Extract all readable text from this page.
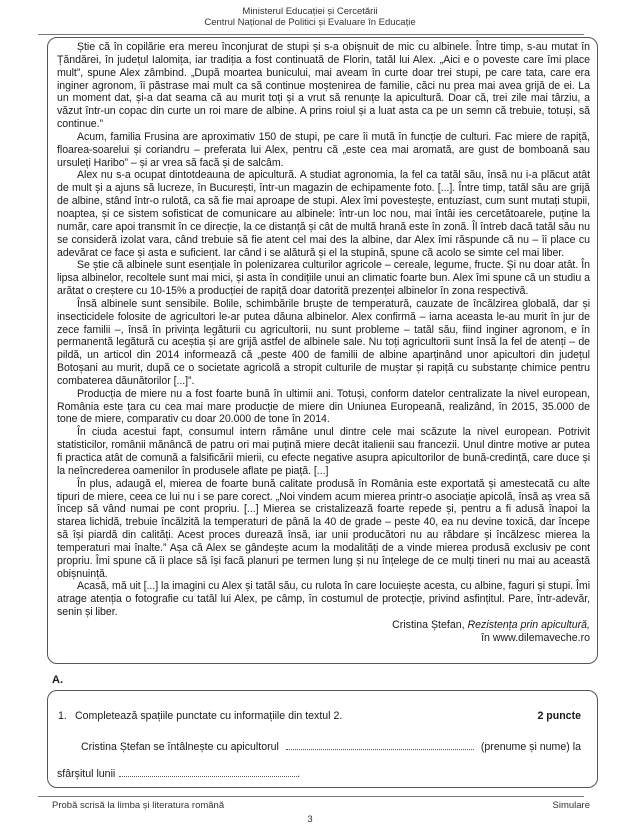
Ministerul Educației și Cercetării
Centrul Național de Politici și Evaluare în Educație

Știe că în copilărie era mereu înconjurat de stupi și s-a obișnuit de mic cu albinele. Între timp, s-au mutat în Țăndărei, în județul Ialomița, iar tradiția a fost continuată de Florin, tatăl lui Alex. „Aici e o poveste care îmi place mult”, spune Alex zâmbind. „După moartea bunicului, mai aveam în curte doar trei stupi, pe care tata, care era inginer agronom, îi păstrase mai mult ca să continue moștenirea de familie, căci nu prea mai avea grijă de ei. La un moment dat, și-a dat seama că au murit toți și a vrut să renunțe la apicultură. Doar că, trei zile mai târziu, a văzut într-un copac din curte un roi mare de albine. A prins roiul și a luat asta ca pe un semn că trebuie, totuși, să continue.”

Acum, familia Frusina are aproximativ 150 de stupi, pe care îi mută în funcție de culturi. Fac miere de rapiță, floarea-soarelui și coriandru – preferata lui Alex, pentru că „este cea mai aromată, are gust de bomboană sau ursuleți Haribo” – și ar vrea să facă și de salcâm.

Alex nu s-a ocupat dintotdeauna de apicultură. A studiat agronomia, la fel ca tatăl său, însă nu i-a plăcut atât de mult și a ajuns să lucreze, în București, într-un magazin de echipamente foto. [...]. Între timp, tatăl său are grijă de albine, stând într-o rulotă, ca să fie mai aproape de stupi. Alex îmi povestește, entuziast, cum sunt mutați stupii, noaptea, și ce sistem sofisticat de comunicare au albinele: într-un loc nou, mai întâi ies cercetătoarele, puține la număr, care apoi transmit în ce direcție, la ce distanță și cât de multă hrană este în zonă. Îl întreb dacă tatăl său nu se consideră izolat vara, când trebuie să fie atent cel mai des la albine, dar Alex îmi răspunde că nu – îi place cu adevărat ce face și asta e suficient. Iar când i se alătură și el la stupină, spune că acolo se simte cel mai liber.

Se știe că albinele sunt esențiale în polenizarea culturilor agricole – cereale, legume, fructe. Și nu doar atât. În lipsa albinelor, recoltele sunt mai mici, și asta în condițiile unui an climatic foarte bun. Alex îmi spune că un studiu a arătat o creștere cu 10-15% a producției de rapiță doar datorită prezenței albinelor în zona respectivă.

Însă albinele sunt sensibile. Bolile, schimbările bruște de temperatură, cauzate de încălzirea globală, dar și insecticidele folosite de agricultori le-ar putea dăuna albinelor. Alex confirmă – iarna aceasta le-au murit în jur de zece familii –, însă în privința legăturii cu agricultorii, nu sunt probleme – tatăl său, fiind inginer agronom, e în permanentă legătură cu aceștia și are grijă astfel de albinele sale. Nu toți agricultorii sunt însă la fel de atenți – de pildă, un articol din 2014 informează că „peste 400 de familii de albine aparținând unor apicultori din județul Botoșani au murit, după ce o societate agricolă a stropit culturile de muștar și rapiță cu substanțe chimice pentru combaterea dăunătorilor [...]”.

Producția de miere nu a fost foarte bună în ultimii ani. Totuși, conform datelor centralizate la nivel european, România este țara cu cea mai mare producție de miere din Uniunea Europeană, realizând, în 2015, 35.000 de tone de miere, comparativ cu doar 20.000 de tone în 2014.

În ciuda acestui fapt, consumul intern rămâne unul dintre cele mai scăzute la nivel european. Potrivit statisticilor, românii mănâncă de patru ori mai puțină miere decât italienii sau francezii. Unul dintre motive ar putea fi practica atât de comună a falsificării mierii, cu efecte negative asupra apicultorilor de bună-credință, care duce și la neîncrederea oamenilor în produsele aflate pe piață. [...]

În plus, adaugă el, mierea de foarte bună calitate produsă în România este exportată și amestecată cu alte tipuri de miere, ceea ce lui nu i se pare corect. „Noi vindem acum mierea printr-o asociație apicolă, însă aș vrea să încep să vând numai pe cont propriu. [...] Mierea se cristalizează foarte repede și, pentru a fi adusă înapoi la starea lichidă, trebuie încălzită la temperaturi de până la 40 de grade – peste 40, ea nu devine toxică, dar începe să își piardă din calități. Acest proces durează însă, iar unii producători nu au răbdare și încălzesc mierea la temperaturi mai înalte.” Așa că Alex se gândește acum la modalități de a vinde mierea produsă exclusiv pe cont propriu. Îmi spune că îi place să își facă planuri pe termen lung și nu înțelege de ce mulți tineri nu mai au această obișnuință.

Acasă, mă uit [...] la imagini cu Alex și tatăl său, cu rulota în care locuiește acesta, cu albine, faguri și stupi. Îmi atrage atenția o fotografie cu tatăl lui Alex, pe câmp, în costumul de protecție, privind asfințitul. Pare, într-adevăr, senin și liber.

Cristina Ștefan, Rezistența prin apicultură,
în www.dilemaveche.ro
A.
1. Completează spațiile punctate cu informațiile din textul 2.	2 puncte
Cristina Ștefan se întâlnește cu apicultorul	(prenume și nume) la
sfârșitul lunii	.
Probă scrisă la limba și literatura română	Simulare
3
